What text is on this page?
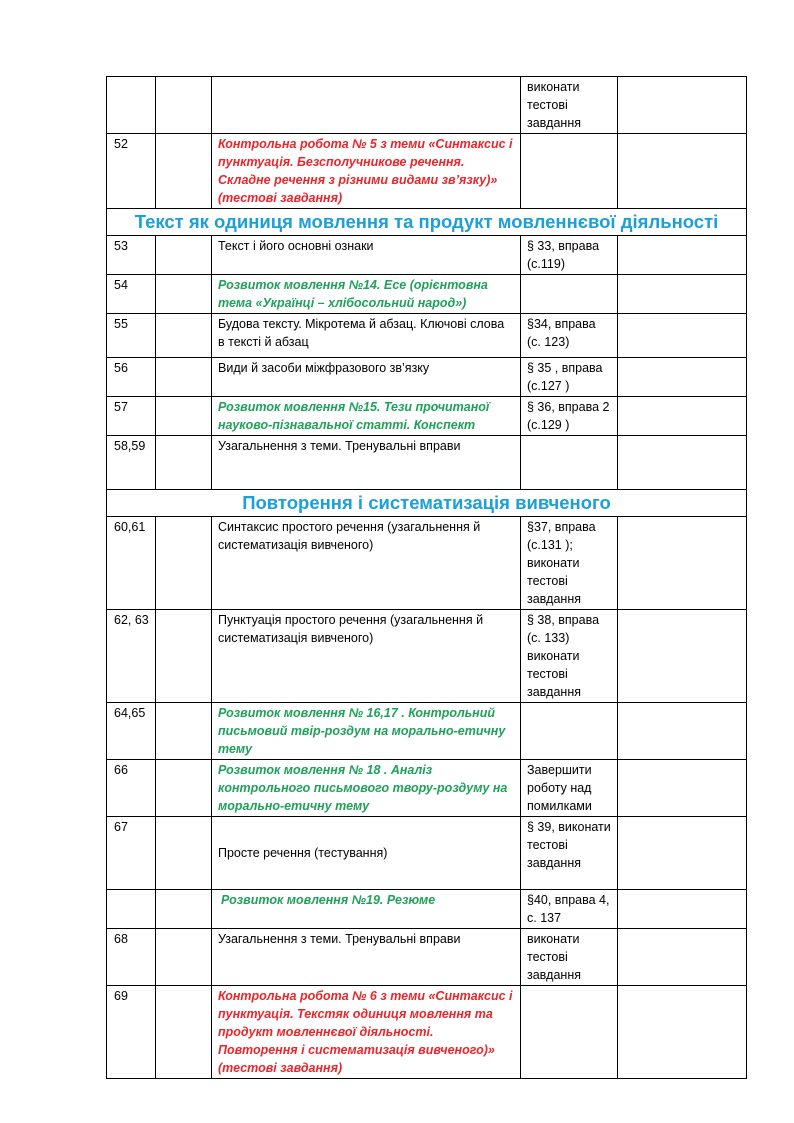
			виконати тестові завдання	
52		Контрольна робота № 5 з теми «Синтаксис і пунктуація. Безсполучникове речення. Складне речення з різними видами зв’язку)» (тестові завдання)		
Текст як одиниця мовлення та продукт мовленнєвої діяльності				
53		Текст і його основні ознаки	§ 33, вправа (с.119)	
54		Розвиток мовлення №14. Есе (орієнтовна тема «Українці – хлібосольний народ»)		
55		Будова тексту. Мікротема й абзац. Ключові слова в тексті й абзац	§34, вправа (с. 123)	
56		Види й засоби міжфразового зв’язку	§ 35 , вправа (с.127 )	
57		Розвиток мовлення №15. Тези прочитаної науково-пізнавальної статті. Конспект	§ 36, вправа 2 (с.129 )	
58,59		Узагальнення з теми. Тренувальні вправи		
Повторення і систематизація вивченого				
60,61		Синтаксис простого речення (узагальнення й систематизація вивченого)	§37, вправа (с.131 ); виконати тестові завдання	
62, 63		Пунктуація простого речення (узагальнення й систематизація вивченого)	§ 38, вправа (с. 133) виконати тестові завдання	
64,65		Розвиток мовлення № 16,17 . Контрольний письмовий твір-роздум на морально-етичну тему		
66		Розвиток мовлення № 18 . Аналіз контрольного письмового твору-роздуму на морально-етичну тему	Завершити роботу над помилками	
67		Просте речення (тестування)	§ 39, виконати тестові завдання	
		Розвиток мовлення №19. Резюме	§40, вправа 4, с. 137	
68		Узагальнення з теми. Тренувальні вправи	виконати тестові завдання	
69		Контрольна робота № 6 з теми «Синтаксис і пунктуація. Текстяк одиниця мовлення та продукт мовленнєвої діяльності. Повторення і систематизація вивченого)» (тестові завдання)		
